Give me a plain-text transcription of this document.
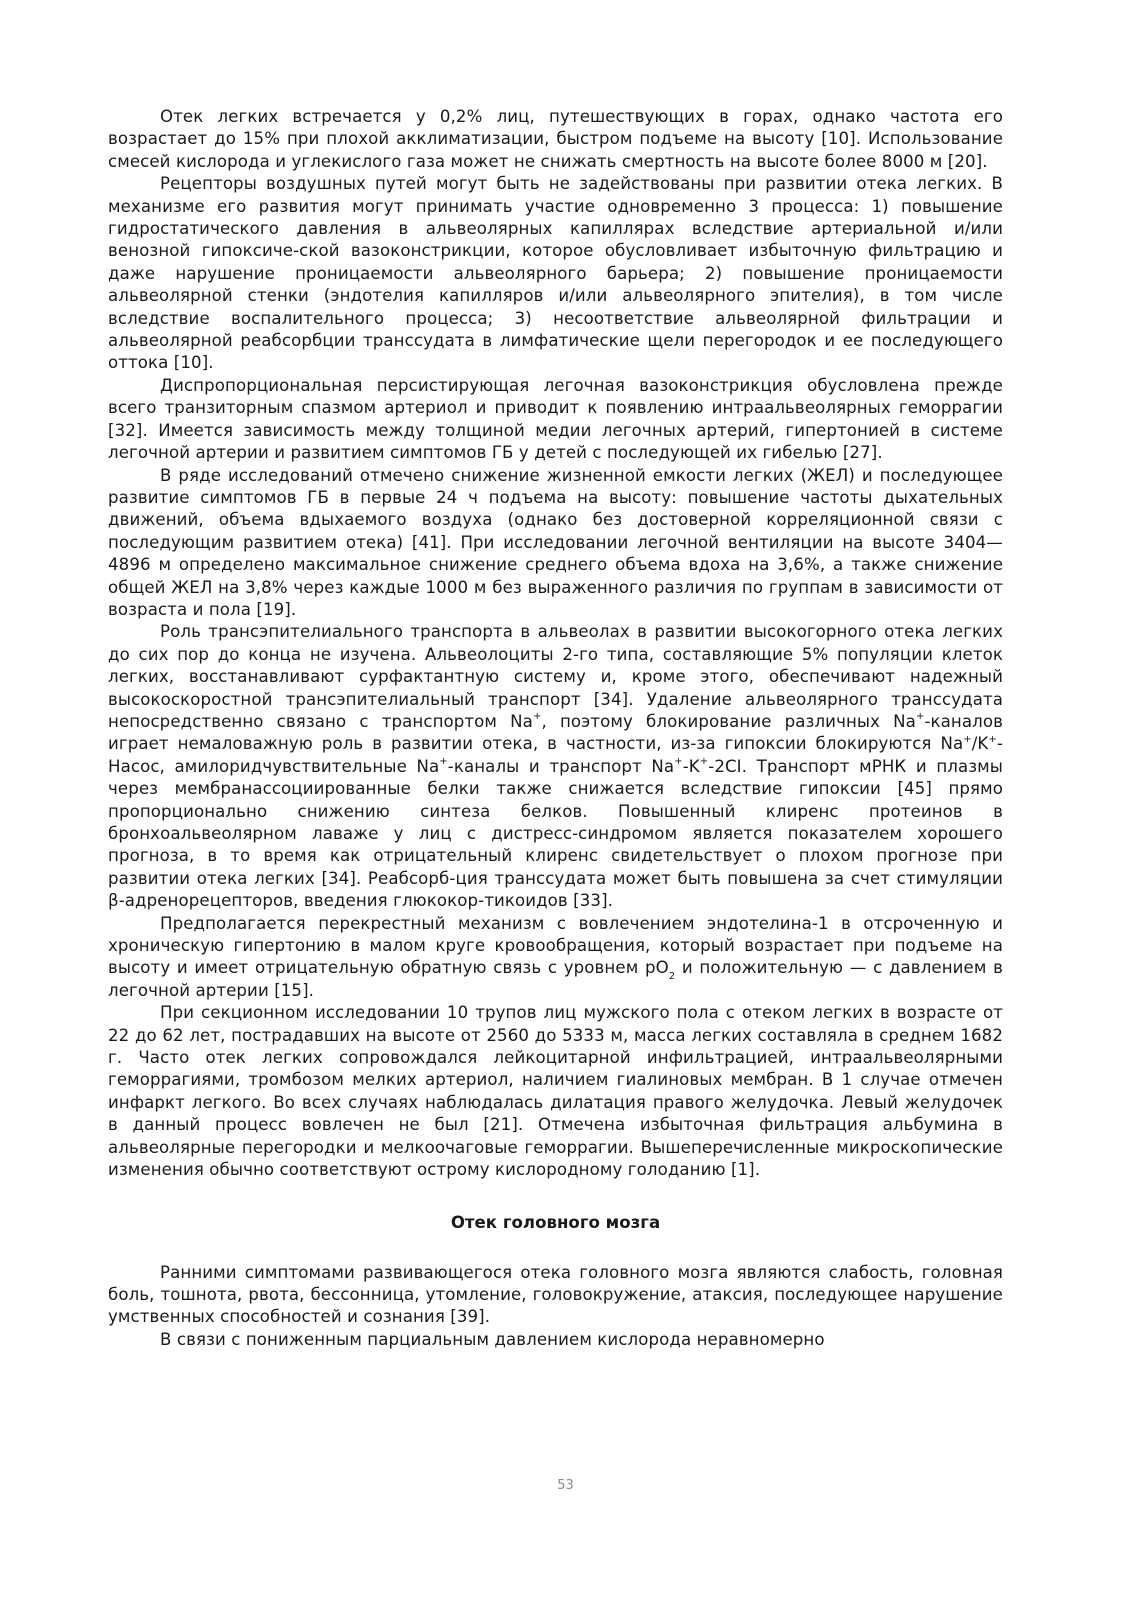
Отек легких встречается у 0,2% лиц, путешествующих в горах, однако частота его возрастает до 15% при плохой акклиматизации, быстром подъеме на высоту [10]. Использование смесей кислорода и углекислого газа может не снижать смертность на высоте более 8000 м [20].

Рецепторы воздушных путей могут быть не задействованы при развитии отека легких. В механизме его развития могут принимать участие одновременно 3 процесса: 1) повышение гидростатического давления в альвеолярных капиллярах вследствие артериальной и/или венозной гипоксиче-ской вазоконстрикции, которое обусловливает избыточную фильтрацию и даже нарушение проницаемости альвеолярного барьера; 2) повышение проницаемости альвеолярной стенки (эндотелия капилляров и/или альвеолярного эпителия), в том числе вследствие воспалительного процесса; 3) несоответствие альвеолярной фильтрации и альвеолярной реабсорбции транссудата в лимфатические щели перегородок и ее последующего оттока [10].

Диспропорциональная персистирующая легочная вазоконстрикция обусловлена прежде всего транзиторным спазмом артериол и приводит к появлению интраальвеолярных геморрагии [32]. Имеется зависимость между толщиной медии легочных артерий, гипертонией в системе легочной артерии и развитием симптомов ГБ у детей с последующей их гибелью [27].

В ряде исследований отмечено снижение жизненной емкости легких (ЖЕЛ) и последующее развитие симптомов ГБ в первые 24 ч подъема на высоту: повышение частоты дыхательных движений, объема вдыхаемого воздуха (однако без достоверной корреляционной связи с последующим развитием отека) [41]. При исследовании легочной вентиляции на высоте 3404—4896 м определено максимальное снижение среднего объема вдоха на 3,6%, а также снижение общей ЖЕЛ на 3,8% через каждые 1000 м без выраженного различия по группам в зависимости от возраста и пола [19].

Роль трансэпителиального транспорта в альвеолах в развитии высокогорного отека легких до сих пор до конца не изучена. Альвеолоциты 2-го типа, составляющие 5% популяции клеток легких, восстанавливают сурфактантную систему и, кроме этого, обеспечивают надежный высокоскоростной трансэпителиальный транспорт [34]. Удаление альвеолярного транссудата непосредственно связано с транспортом Na+, поэтому блокирование различных Na+-каналов играет немаловажную роль в развитии отека, в частности, из-за гипоксии блокируются Na+/K+-Насос, амилоридчувствительные Na+-каналы и транспорт Na+-K+-2CI. Транспорт мРНК и плазмы через мембранассоциированные белки также снижается вследствие гипоксии [45] прямо пропорционально снижению синтеза белков. Повышенный клиренс протеинов в бронхоальвеолярном лаваже у лиц с дистресс-синдромом является показателем хорошего прогноза, в то время как отрицательный клиренс свидетельствует о плохом прогнозе при развитии отека легких [34]. Реабсорб-ция транссудата может быть повышена за счет стимуляции β-адренорецепторов, введения глюкокор-тикоидов [33].

Предполагается перекрестный механизм с вовлечением эндотелина-1 в отсроченную и хроническую гипертонию в малом круге кровообращения, который возрастает при подъеме на высоту и имеет отрицательную обратную связь с уровнем $pO_2$ и положительную — с давлением в легочной артерии [15].

При секционном исследовании 10 трупов лиц мужского пола с отеком легких в возрасте от 22 до 62 лет, пострадавших на высоте от 2560 до 5333 м, масса легких составляла в среднем 1682 г. Часто отек легких сопровождался лейкоцитарной инфильтрацией, интраальвеолярными геморрагиями, тромбозом мелких артериол, наличием гиалиновых мембран. В 1 случае отмечен инфаркт легкого. Во всех случаях наблюдалась дилатация правого желудочка. Левый желудочек в данный процесс вовлечен не был [21]. Отмечена избыточная фильтрация альбумина в альвеолярные перегородки и мелкоочаговые геморрагии. Вышеперечисленные микроскопические изменения обычно соответствуют острому кислородному голоданию [1].

Отек головного мозга

Ранними симптомами развивающегося отека головного мозга являются слабость, головная боль, тошнота, рвота, бессонница, утомление, головокружение, атаксия, последующее нарушение умственных способностей и сознания [39].

В связи с пониженным парциальным давлением кислорода неравномерно

53
